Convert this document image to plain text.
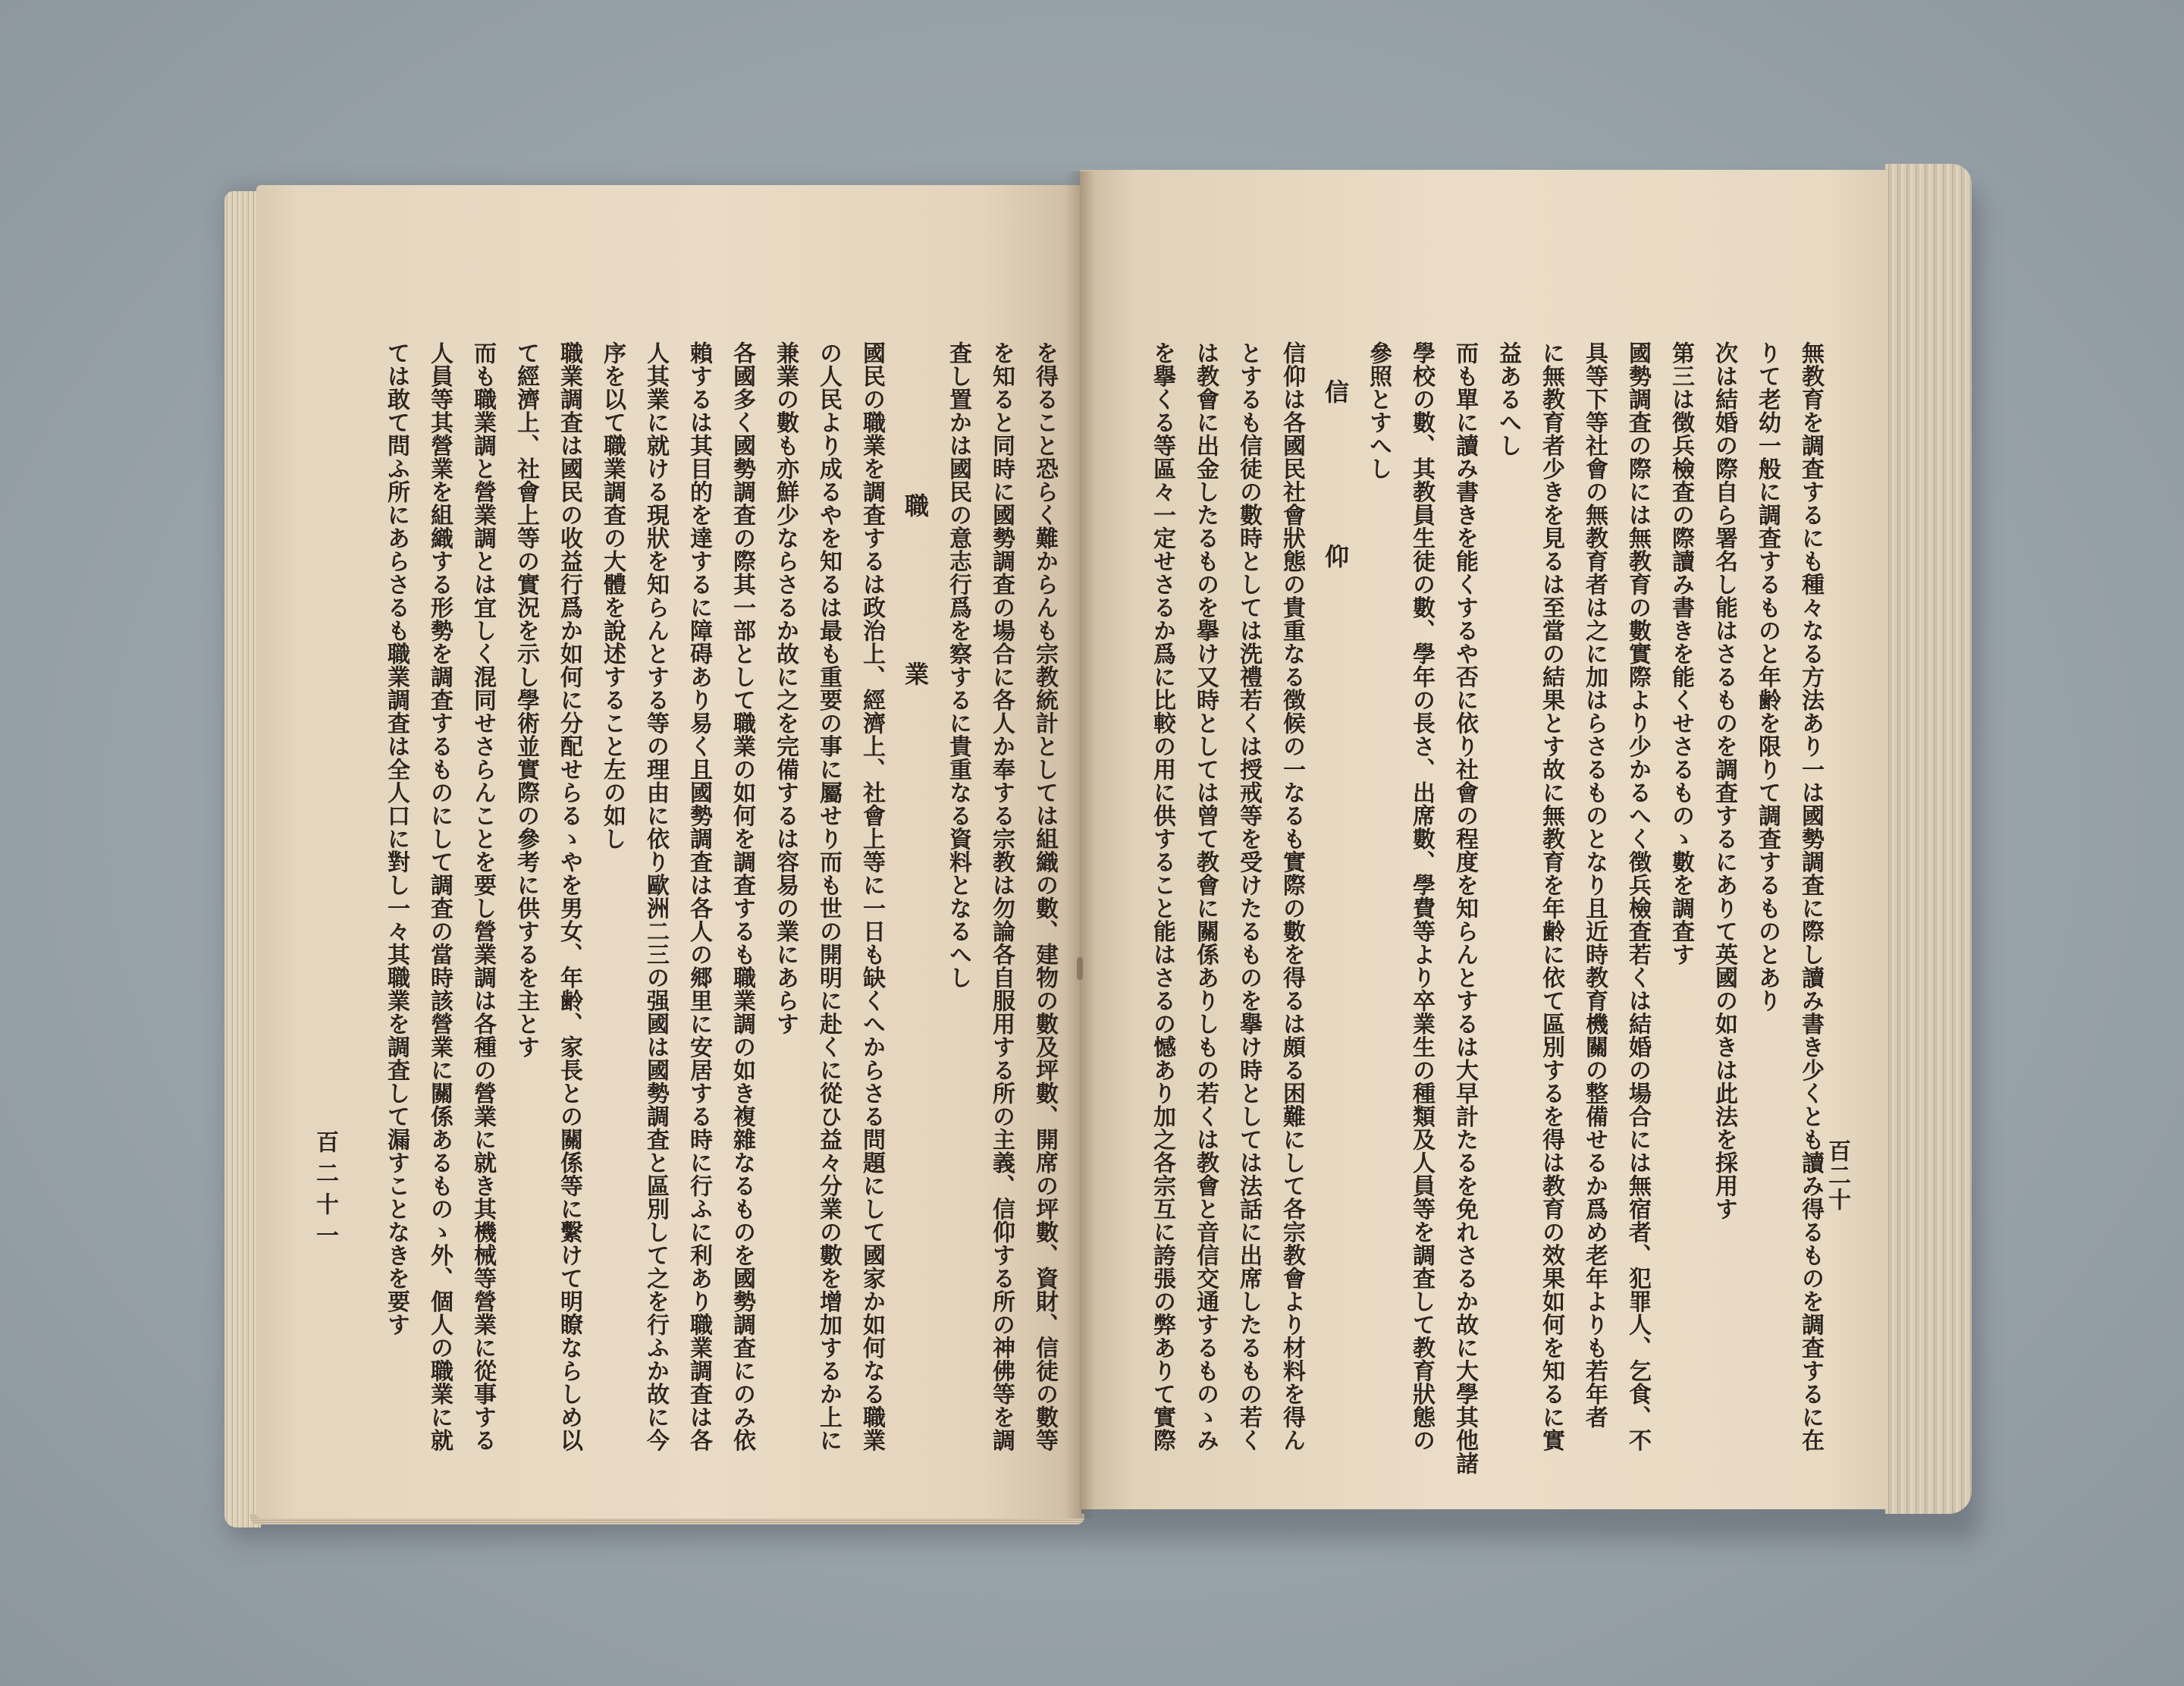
百二十
無教育を調査するにも種々なる方法あり一は國勢調査に際し讀み書き少くとも讀み得るものを調査するに在
りて老幼一般に調査するものと年齢を限りて調査するものとあり
次は結婚の際自ら署名し能はさるものを調査するにありて英國の如きは此法を採用す
第三は徴兵檢査の際讀み書きを能くせさるものゝ數を調査す
國勢調査の際には無教育の數實際より少かるへく徴兵檢査若くは結婚の場合には無宿者、犯罪人、乞食、不
具等下等社會の無教育者は之に加はらさるものとなり且近時教育機關の整備せるか爲め老年よりも若年者
に無教育者少きを見るは至當の結果とす故に無教育を年齢に依て區別するを得は教育の效果如何を知るに實
益あるへし
而も單に讀み書きを能くするや否に依り社會の程度を知らんとするは大早計たるを免れさるか故に大學其他諸
學校の數、其教員生徒の數、學年の長さ、出席數、學費等より卒業生の種類及人員等を調査して教育狀態の
參照とすへし
信仰
信仰は各國民社會狀態の貴重なる徴候の一なるも實際の數を得るは頗る困難にして各宗教會より材料を得ん
とするも信徒の數時としては洗禮若くは授戒等を受けたるものを擧け時としては法話に出席したるもの若く
は教會に出金したるものを擧け又時としては曾て教會に關係ありしもの若くは教會と音信交通するものゝみ
を擧くる等區々一定せさるか爲に比較の用に供すること能はさるの憾あり加之各宗互に誇張の弊ありて實際
百二十一	を得ること恐らく難からんも宗教統計としては組織の數、建物の數及坪數、開席の坪數、資財、信徒の數等
を知ると同時に國勢調査の場合に各人か奉する宗教は勿論各自服用する所の主義、信仰する所の神佛等を調
査し置かは國民の意志行爲を察するに貴重なる資料となるへし
職業
國民の職業を調査するは政治上、經濟上、社會上等に一日も缺くへからさる問題にして國家か如何なる職業
の人民より成るやを知るは最も重要の事に屬せり而も世の開明に赴くに從ひ益々分業の數を增加するか上に
兼業の數も亦鮮少ならさるか故に之を完備するは容易の業にあらす
各國多く國勢調査の際其一部として職業の如何を調査するも職業調の如き複雜なるものを國勢調査にのみ依
賴するは其目的を達するに障碍あり易く且國勢調査は各人の郷里に安居する時に行ふに利あり職業調査は各
人其業に就ける現狀を知らんとする等の理由に依り歐洲二三の强國は國勢調査と區別して之を行ふか故に今
序を以て職業調査の大體を說述すること左の如し
職業調査は國民の收益行爲か如何に分配せらるゝやを男女、年齢、家長との關係等に繫けて明瞭ならしめ以
て經濟上、社會上等の實況を示し學術並實際の參考に供するを主とす
而も職業調と營業調とは宜しく混同せさらんことを要し營業調は各種の營業に就き其機械等營業に從事する
人員等其營業を組織する形勢を調査するものにして調査の當時該營業に關係あるものゝ外、個人の職業に就
ては敢て問ふ所にあらさるも職業調査は全人口に對し一々其職業を調査して漏すことなきを要す
